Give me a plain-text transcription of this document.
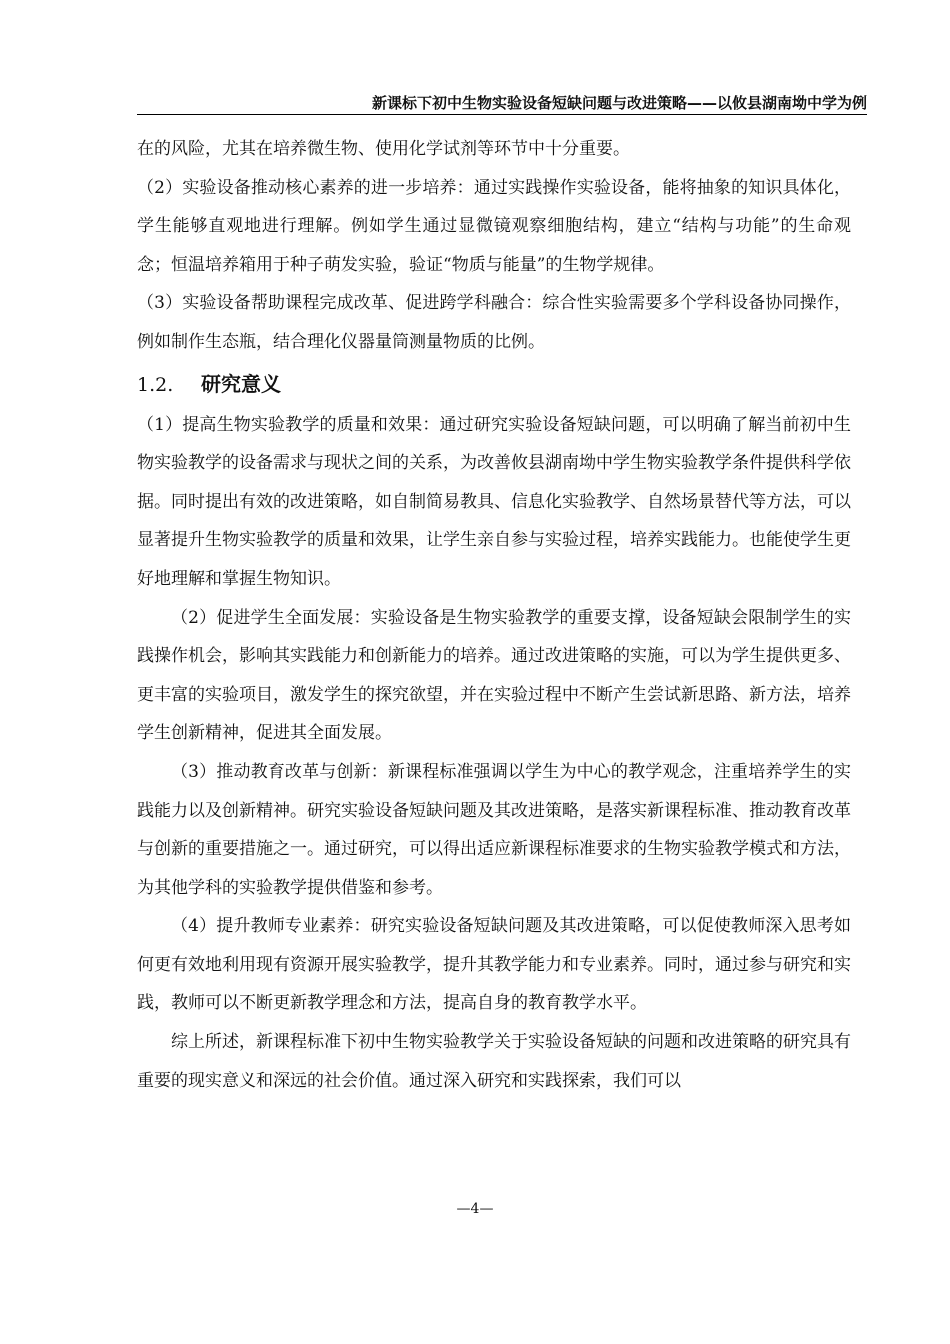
新课标下初中生物实验设备短缺问题与改进策略——以攸县湖南坳中学为例

在的风险，尤其在培养微生物、使用化学试剂等环节中十分重要。

（2）实验设备推动核心素养的进一步培养：通过实践操作实验设备，能将抽象的知识具体化，学生能够直观地进行理解。例如学生通过显微镜观察细胞结构，建立“结构与功能”的生命观念；恒温培养箱用于种子萌发实验，验证“物质与能量”的生物学规律。

（3）实验设备帮助课程完成改革、促进跨学科融合：综合性实验需要多个学科设备协同操作，例如制作生态瓶，结合理化仪器量筒测量物质的比例。

1.2. 研究意义

（1）提高生物实验教学的质量和效果：通过研究实验设备短缺问题，可以明确了解当前初中生物实验教学的设备需求与现状之间的关系，为改善攸县湖南坳中学生物实验教学条件提供科学依据。同时提出有效的改进策略，如自制简易教具、信息化实验教学、自然场景替代等方法，可以显著提升生物实验教学的质量和效果，让学生亲自参与实验过程，培养实践能力。也能使学生更好地理解和掌握生物知识。

（2）促进学生全面发展：实验设备是生物实验教学的重要支撑，设备短缺会限制学生的实践操作机会，影响其实践能力和创新能力的培养。通过改进策略的实施，可以为学生提供更多、更丰富的实验项目，激发学生的探究欲望，并在实验过程中不断产生尝试新思路、新方法，培养学生创新精神，促进其全面发展。

（3）推动教育改革与创新：新课程标准强调以学生为中心的教学观念，注重培养学生的实践能力以及创新精神。研究实验设备短缺问题及其改进策略，是落实新课程标准、推动教育改革与创新的重要措施之一。通过研究，可以得出适应新课程标准要求的生物实验教学模式和方法，为其他学科的实验教学提供借鉴和参考。

（4）提升教师专业素养：研究实验设备短缺问题及其改进策略，可以促使教师深入思考如何更有效地利用现有资源开展实验教学，提升其教学能力和专业素养。同时，通过参与研究和实践，教师可以不断更新教学理念和方法，提高自身的教育教学水平。

综上所述，新课程标准下初中生物实验教学关于实验设备短缺的问题和改进策略的研究具有重要的现实意义和深远的社会价值。通过深入研究和实践探索，我们可以

—4—
